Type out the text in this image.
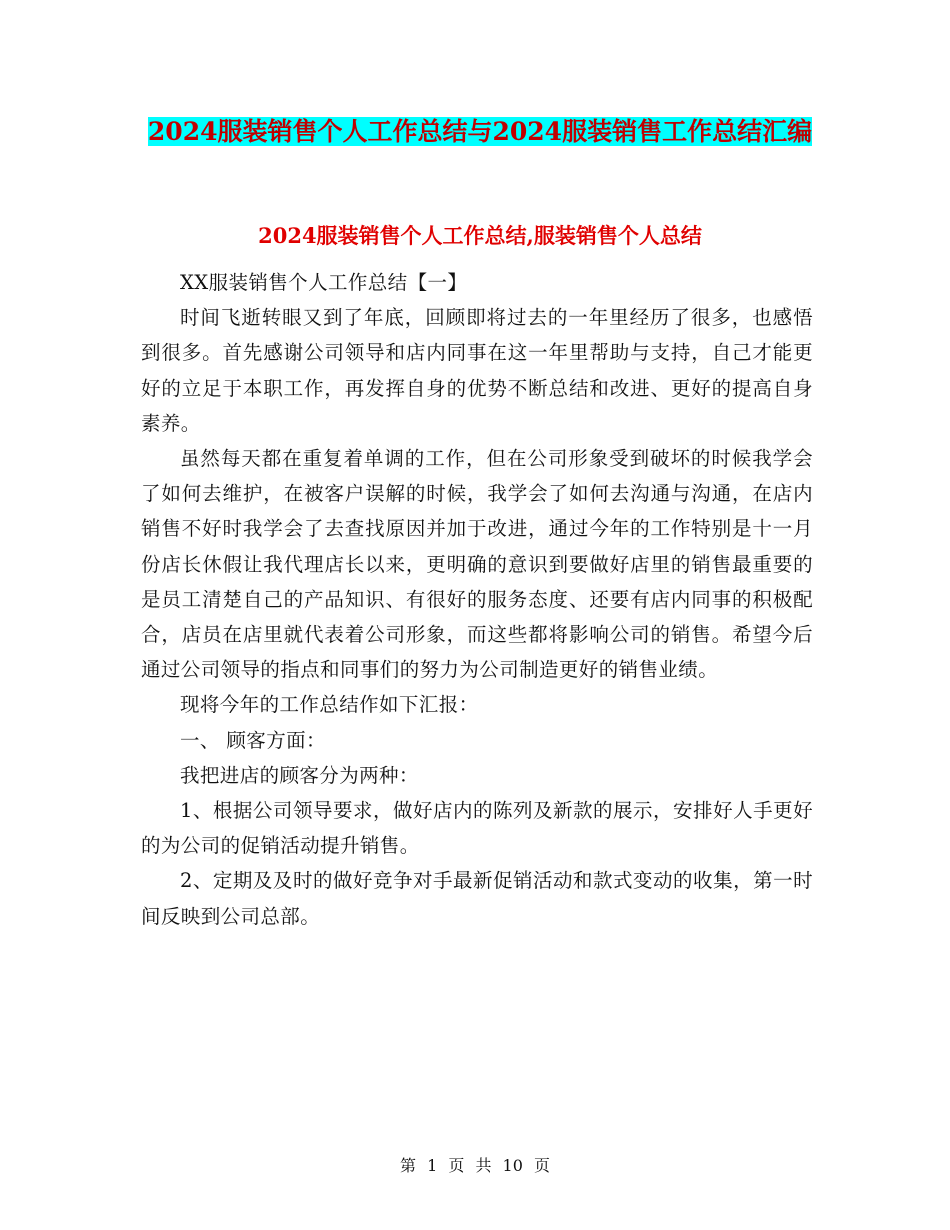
2024服装销售个人工作总结与2024服装销售工作总结汇编
2024服装销售个人工作总结,服装销售个人总结

XX服装销售个人工作总结【一】

时间飞逝转眼又到了年底，回顾即将过去的一年里经历了很多，也感悟到很多。首先感谢公司领导和店内同事在这一年里帮助与支持，自己才能更好的立足于本职工作，再发挥自身的优势不断总结和改进、更好的提高自身素养。

虽然每天都在重复着单调的工作，但在公司形象受到破坏的时候我学会了如何去维护，在被客户误解的时候，我学会了如何去沟通与沟通，在店内销售不好时我学会了去查找原因并加于改进，通过今年的工作特别是十一月份店长休假让我代理店长以来，更明确的意识到要做好店里的销售最重要的是员工清楚自己的产品知识、有很好的服务态度、还要有店内同事的积极配合，店员在店里就代表着公司形象，而这些都将影响公司的销售。希望今后通过公司领导的指点和同事们的努力为公司制造更好的销售业绩。

现将今年的工作总结作如下汇报：

一、 顾客方面：

我把进店的顾客分为两种：

1、根据公司领导要求，做好店内的陈列及新款的展示，安排好人手更好的为公司的促销活动提升销售。

2、定期及及时的做好竞争对手最新促销活动和款式变动的收集，第一时间反映到公司总部。

第 1 页 共 10 页
